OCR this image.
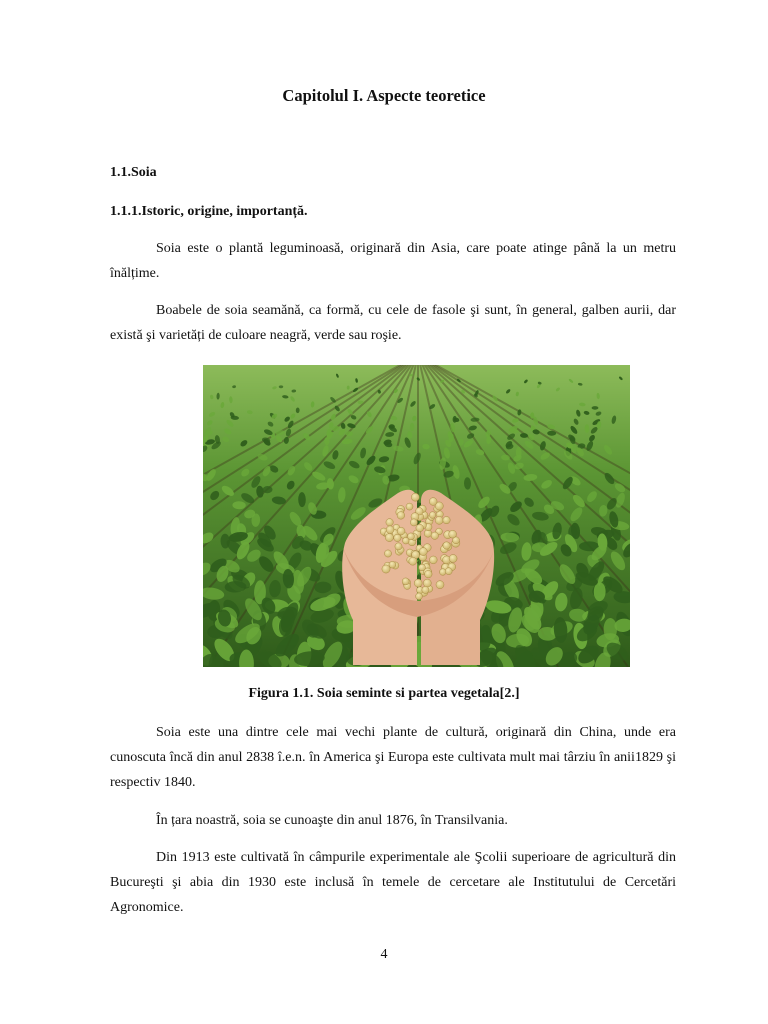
Capitolul I. Aspecte teoretice
1.1.Soia
1.1.1.Istoric, origine, importanță.

Soia este o plantă leguminoasă, originară din Asia, care poate atinge până la un metru înălțime.

Boabele de soia seamănă, ca formă, cu cele de fasole şi sunt, în general, galben aurii, dar există şi varietăți de culoare neagră, verde sau roşie.

Figura 1.1. Soia seminte si partea vegetala[2.]

Soia este una dintre cele mai vechi plante de cultură, originară din China, unde era cunoscuta încă din anul 2838 î.e.n. în America şi Europa este cultivata mult mai târziu în anii1829 şi respectiv 1840.

În țara noastră, soia se cunoaşte din anul 1876, în Transilvania.

Din 1913 este cultivată în câmpurile experimentale ale Şcolii superioare de agricultură din Bucureşti şi abia din 1930 este inclusă în temele de cercetare ale Institutului de Cercetări Agronomice.

4
